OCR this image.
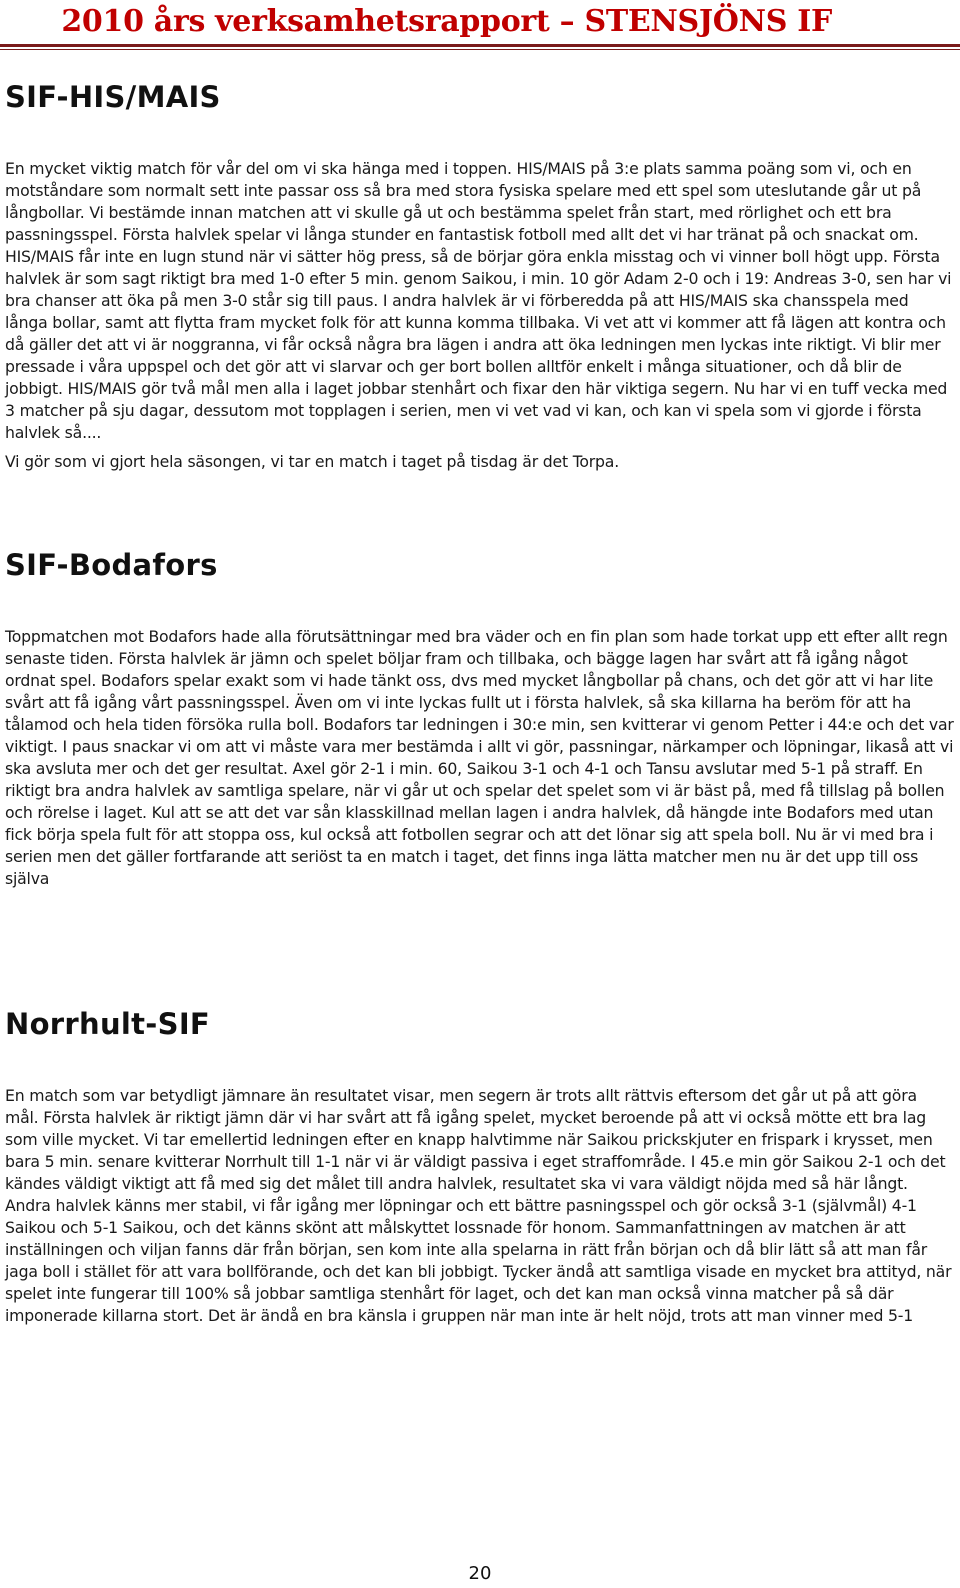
2010 års verksamhetsrapport – STENSJÖNS IF
SIF-HIS/MAIS

En mycket viktig match för vår del om vi ska hänga med i toppen. HIS/MAIS på 3:e plats samma poäng som vi, och en motståndare som normalt sett inte passar oss så bra med stora fysiska spelare med ett spel som uteslutande går ut på långbollar. Vi bestämde innan matchen att vi skulle gå ut och bestämma spelet från start, med rörlighet och ett bra passningsspel. Första halvlek spelar vi långa stunder en fantastisk fotboll med allt det vi har tränat på och snackat om. HIS/MAIS får inte en lugn stund när vi sätter hög press, så de börjar göra enkla misstag och vi vinner boll högt upp. Första halvlek är som sagt riktigt bra med 1-0 efter 5 min. genom Saikou, i min. 10 gör Adam 2-0 och i 19: Andreas 3-0, sen har vi bra chanser att öka på men 3-0 står sig till paus. I andra halvlek är vi förberedda på att HIS/MAIS ska chansspela med långa bollar, samt att flytta fram mycket folk för att kunna komma tillbaka. Vi vet att vi kommer att få lägen att kontra och då gäller det att vi är noggranna, vi får också några bra lägen i andra att öka ledningen men lyckas inte riktigt. Vi blir mer pressade i våra uppspel och det gör att vi slarvar och ger bort bollen alltför enkelt i många situationer, och då blir de jobbigt. HIS/MAIS gör två mål men alla i laget jobbar stenhårt och fixar den här viktiga segern. Nu har vi en tuff vecka med 3 matcher på sju dagar, dessutom mot topplagen i serien, men vi vet vad vi kan, och kan vi spela som vi gjorde i första halvlek så....

Vi gör som vi gjort hela säsongen, vi tar en match i taget på tisdag är det Torpa.

SIF-Bodafors

Toppmatchen mot Bodafors hade alla förutsättningar med bra väder och en fin plan som hade torkat upp ett efter allt regn senaste tiden. Första halvlek är jämn och spelet böljar fram och tillbaka, och bägge lagen har svårt att få igång något ordnat spel. Bodafors spelar exakt som vi hade tänkt oss, dvs med mycket långbollar på chans, och det gör att vi har lite svårt att få igång vårt passningsspel. Även om vi inte lyckas fullt ut i första halvlek, så ska killarna ha beröm för att ha tålamod och hela tiden försöka rulla boll. Bodafors tar ledningen i 30:e min, sen kvitterar vi genom Petter i 44:e och det var viktigt. I paus snackar vi om att vi måste vara mer bestämda i allt vi gör, passningar, närkamper och löpningar, likaså att vi ska avsluta mer och det ger resultat. Axel gör 2-1 i min. 60, Saikou 3-1 och 4-1 och Tansu avslutar med 5-1 på straff. En riktigt bra andra halvlek av samtliga spelare, när vi går ut och spelar det spelet som vi är bäst på, med få tillslag på bollen och rörelse i laget. Kul att se att det var sån klasskillnad mellan lagen i andra halvlek, då hängde inte Bodafors med utan fick börja spela fult för att stoppa oss, kul också att fotbollen segrar och att det lönar sig att spela boll. Nu är vi med bra i serien men det gäller fortfarande att seriöst ta en match i taget, det finns inga lätta matcher men nu är det upp till oss själva

Norrhult-SIF

En match som var betydligt jämnare än resultatet visar, men segern är trots allt rättvis eftersom det går ut på att göra mål. Första halvlek är riktigt jämn där vi har svårt att få igång spelet, mycket beroende på att vi också mötte ett bra lag som ville mycket. Vi tar emellertid ledningen efter en knapp halvtimme när Saikou prickskjuter en frispark i krysset, men bara 5 min. senare kvitterar Norrhult till 1-1 när vi är väldigt passiva i eget straffområde. I 45.e min gör Saikou 2-1 och det kändes väldigt viktigt att få med sig det målet till andra halvlek, resultatet ska vi vara väldigt nöjda med så här långt. Andra halvlek känns mer stabil, vi får igång mer löpningar och ett bättre pasningsspel och gör också 3-1 (självmål) 4-1 Saikou och 5-1 Saikou, och det känns skönt att målskyttet lossnade för honom. Sammanfattningen av matchen är att inställningen och viljan fanns där från början, sen kom inte alla spelarna in rätt från början och då blir lätt så att man får jaga boll i stället för att vara bollförande, och det kan bli jobbigt. Tycker ändå att samtliga visade en mycket bra attityd, när spelet inte fungerar till 100% så jobbar samtliga stenhårt för laget, och det kan man också vinna matcher på så där imponerade killarna stort. Det är ändå en bra känsla i gruppen när man inte är helt nöjd, trots att man vinner med 5-1

20
